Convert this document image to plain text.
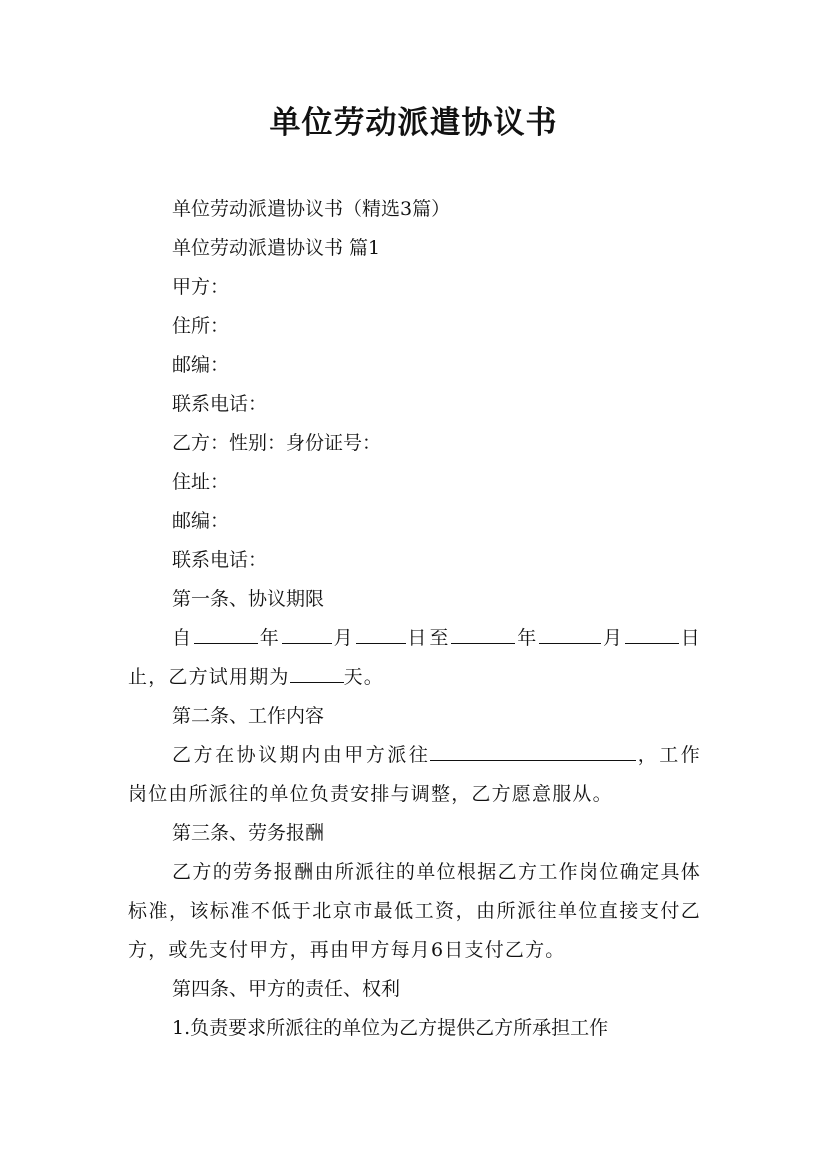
单位劳动派遣协议书

单位劳动派遣协议书（精选3篇）

单位劳动派遣协议书 篇1

甲方：

住所：

邮编：

联系电话：

乙方：性别：身份证号：

住址：

邮编：

联系电话：

第一条、协议期限

自	年	月	日至	年	月	日止，乙方试用期为	天。

第二条、工作内容

乙方在协议期内由甲方派往	，工作岗位由所派往的单位负责安排与调整，乙方愿意服从。

第三条、劳务报酬

乙方的劳务报酬由所派往的单位根据乙方工作岗位确定具体标准，该标准不低于北京市最低工资，由所派往单位直接支付乙方，或先支付甲方，再由甲方每月6日支付乙方。

第四条、甲方的责任、权利

1.负责要求所派往的单位为乙方提供乙方所承担工作
